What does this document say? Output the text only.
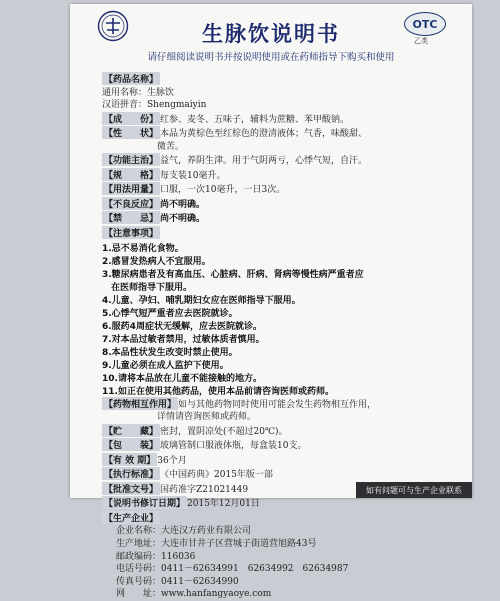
OTC
乙类
生脉饮说明书
请仔细阅读说明书并按说明使用或在药师指导下购买和使用
【药品名称】
通用名称：生脉饮
汉语拼音：Shengmaiyin
【成　　份】 红参、麦冬、五味子，辅料为蔗糖、苯甲酸钠。
【性　　状】 本品为黄棕色至红棕色的澄清液体；气香，味酸甜、
微苦。
【功能主治】 益气，养阴生津。用于气阴两亏，心悸气短，自汗。
【规　　格】 每支装10毫升。
【用法用量】 口服，一次10毫升，一日3次。
【不良反应】 尚不明确。
【禁　　忌】 尚不明确。
【注意事项】
1.忌不易消化食物。
2.感冒发热病人不宜服用。
3.糖尿病患者及有高血压、心脏病、肝病、肾病等慢性病严重者应
　在医师指导下服用。
4.儿童、孕妇、哺乳期妇女应在医师指导下服用。
5.心悸气短严重者应去医院就诊。
6.服药4周症状无缓解，应去医院就诊。
7.对本品过敏者禁用，过敏体质者慎用。
8.本品性状发生改变时禁止使用。
9.儿童必须在成人监护下使用。
10.请将本品放在儿童不能接触的地方。
11.如正在使用其他药品，使用本品前请咨询医师或药师。
【药物相互作用】 如与其他药物同时使用可能会发生药物相互作用，
详情请咨询医师或药师。
【贮　　藏】 密封，置阴凉处(不超过20℃)。
【包　　装】 玻璃管制口服液体瓶，每盒装10支。
【有 效 期】 36个月
【执行标准】 《中国药典》2015年版一部
【批准文号】 国药准字Z21021449
【说明书修订日期】 2015年12月01日
【生产企业】
企业名称：大连汉方药业有限公司
生产地址：大连市甘井子区营城子街道营旭路43号
邮政编码：116036
电话号码：0411－62634991　62634992　62634987
传真号码：0411－62634990
网　　址：www.hanfangyaoye.com
如有问题可与生产企业联系
